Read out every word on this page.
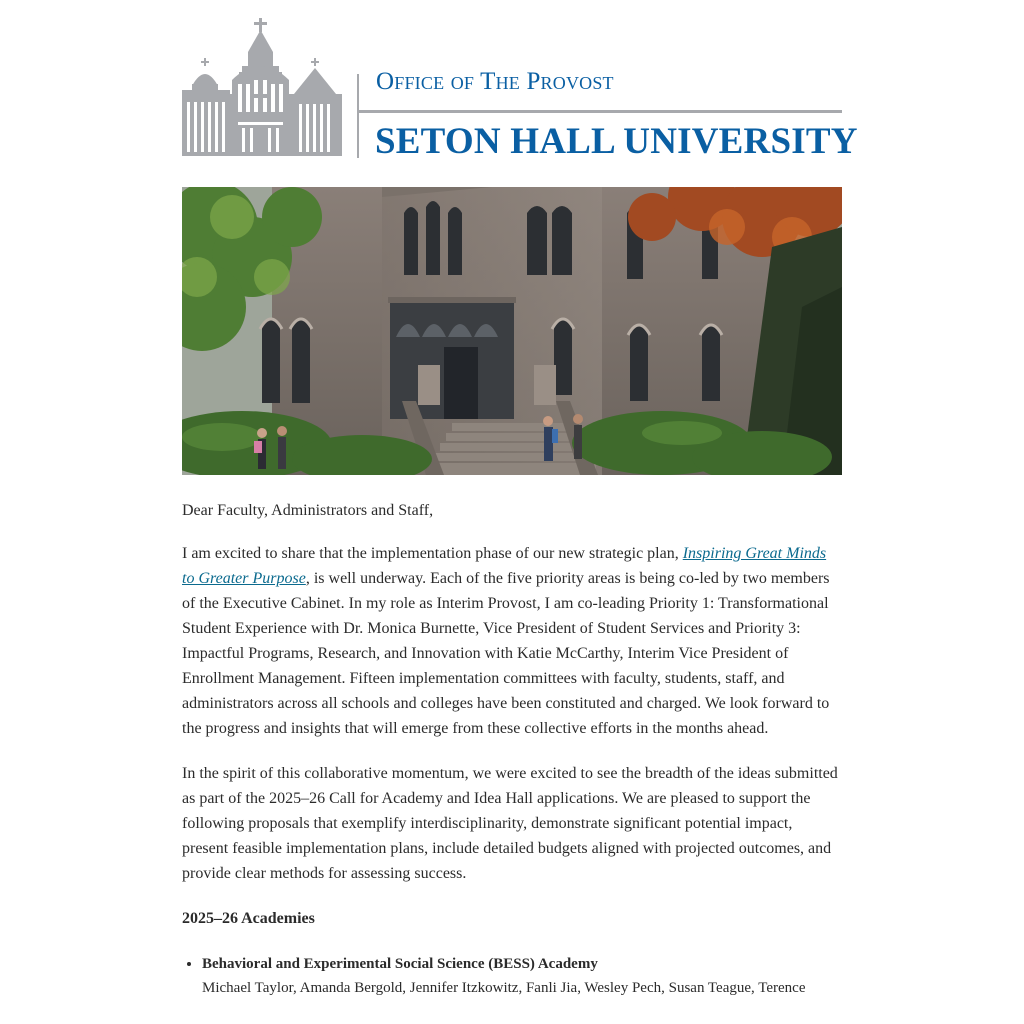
Office of The Provost
SETON HALL UNIVERSITY

Dear Faculty, Administrators and Staff,

I am excited to share that the implementation phase of our new strategic plan, Inspiring Great Minds to Greater Purpose, is well underway. Each of the five priority areas is being co-led by two members of the Executive Cabinet. In my role as Interim Provost, I am co-leading Priority 1: Transformational Student Experience with Dr. Monica Burnette, Vice President of Student Services and Priority 3: Impactful Programs, Research, and Innovation with Katie McCarthy, Interim Vice President of Enrollment Management. Fifteen implementation committees with faculty, students, staff, and administrators across all schools and colleges have been constituted and charged. We look forward to the progress and insights that will emerge from these collective efforts in the months ahead.

In the spirit of this collaborative momentum, we were excited to see the breadth of the ideas submitted as part of the 2025–26 Call for Academy and Idea Hall applications. We are pleased to support the following proposals that exemplify interdisciplinarity, demonstrate significant potential impact, present feasible implementation plans, include detailed budgets aligned with projected outcomes, and provide clear methods for assessing success.

2025–26 Academies

• Behavioral and Experimental Social Science (BESS) Academy
Michael Taylor, Amanda Bergold, Jennifer Itzkowitz, Fanli Jia, Wesley Pech, Susan Teague, Terence
